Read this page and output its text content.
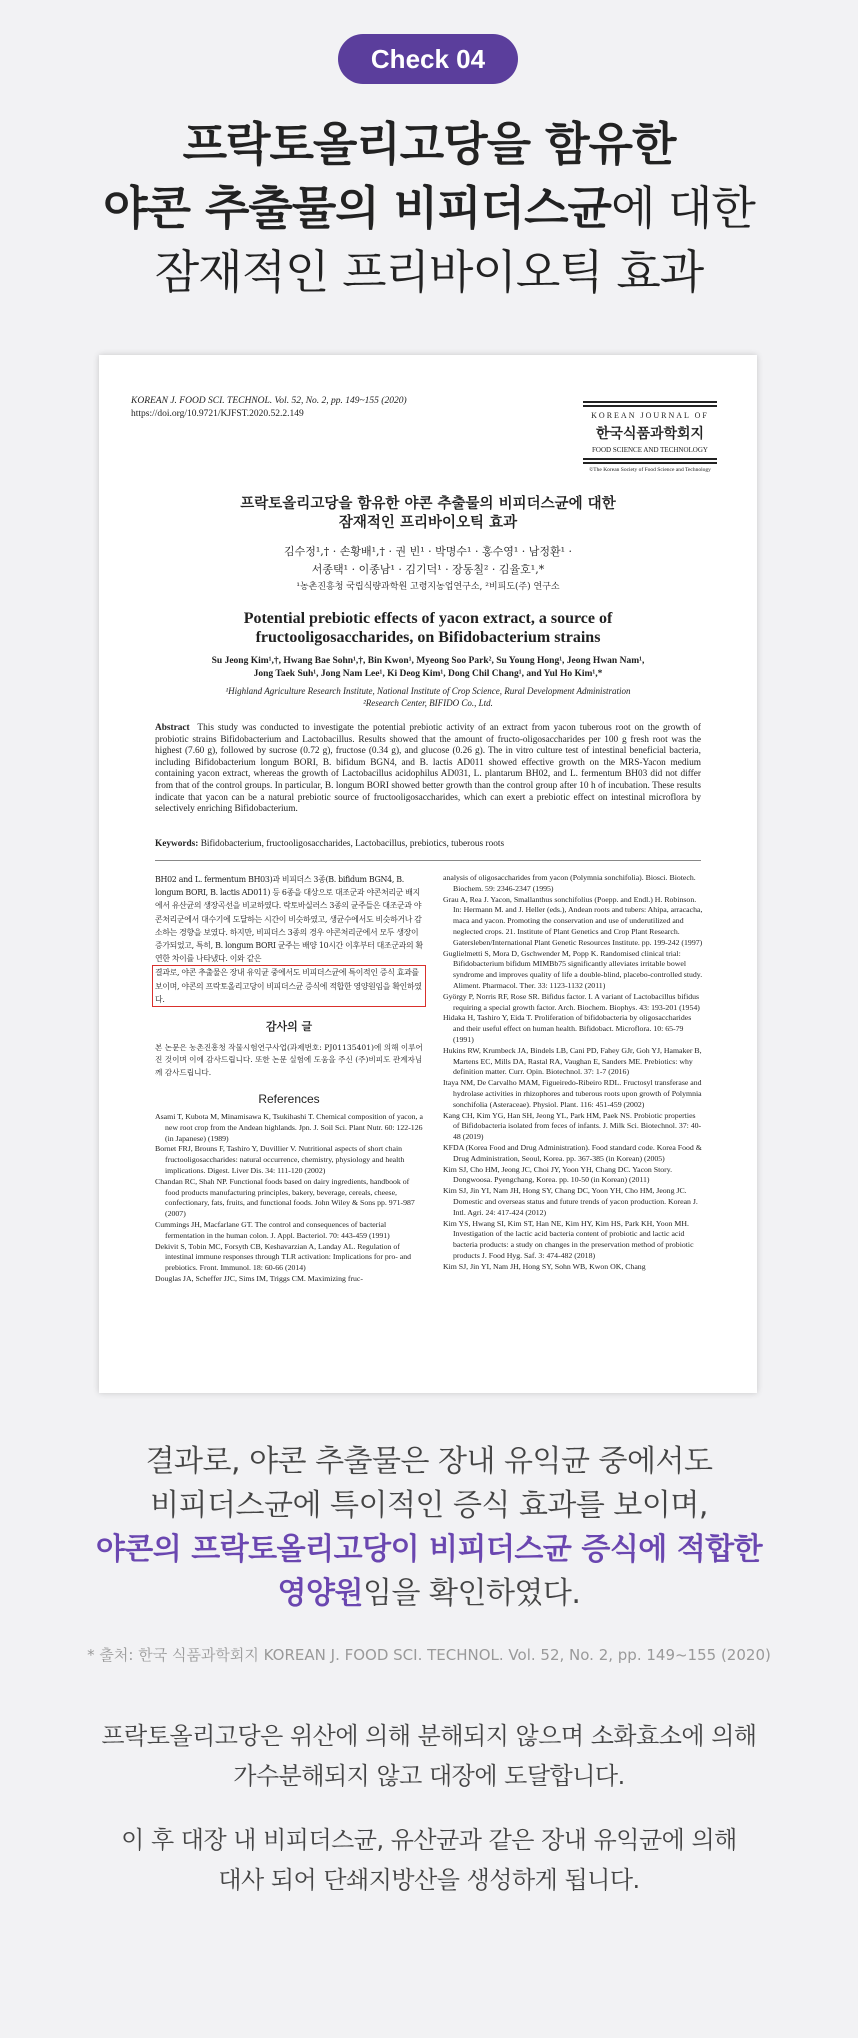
Check 04
프락토올리고당을 함유한
야콘 추출물의 비피더스균에 대한
잠재적인 프리바이오틱 효과
KOREAN J. FOOD SCI. TECHNOL. Vol. 52, No. 2, pp. 149~155 (2020)
https://doi.org/10.9721/KJFST.2020.52.2.149	KOREAN JOURNAL OF
한국식품과학회지
FOOD SCIENCE AND TECHNOLOGY
©The Korean Society of Food Science and Technology
프락토올리고당을 함유한 야콘 추출물의 비피더스균에 대한
잠재적인 프리바이오틱 효과
김수정¹,† · 손황배¹,† · 권 빈¹ · 박명수¹ · 홍수영¹ · 남정환¹ ·
서종택¹ · 이종남¹ · 김기덕¹ · 장동칠² · 김율호¹,*
¹농촌진흥청 국립식량과학원 고령지농업연구소, ²비피도(주) 연구소
Potential prebiotic effects of yacon extract, a source of
fructooligosaccharides, on Bifidobacterium strains
Su Jeong Kim¹,†, Hwang Bae Sohn¹,†, Bin Kwon¹, Myeong Soo Park², Su Young Hong¹, Jeong Hwan Nam¹,
Jong Taek Suh¹, Jong Nam Lee¹, Ki Deog Kim¹, Dong Chil Chang¹, and Yul Ho Kim¹,*
¹Highland Agriculture Research Institute, National Institute of Crop Science, Rural Development Administration
²Research Center, BIFIDO Co., Ltd.
Abstract This study was conducted to investigate the potential prebiotic activity of an extract from yacon tuberous root on the growth of probiotic strains Bifidobacterium and Lactobacillus. Results showed that the amount of fructo-oligosaccharides per 100 g fresh root was the highest (7.60 g), followed by sucrose (0.72 g), fructose (0.34 g), and glucose (0.26 g). The in vitro culture test of intestinal beneficial bacteria, including Bifidobacterium longum BORI, B. bifidum BGN4, and B. lactis AD011 showed effective growth on the MRS-Yacon medium containing yacon extract, whereas the growth of Lactobacillus acidophilus AD031, L. plantarum BH02, and L. fermentum BH03 did not differ from that of the control groups. In particular, B. longum BORI showed better growth than the control group after 10 h of incubation. These results indicate that yacon can be a natural prebiotic source of fructooligosaccharides, which can exert a prebiotic effect on intestinal microflora by selectively enriching Bifidobacterium.
Keywords: Bifidobacterium, fructooligosaccharides, Lactobacillus, prebiotics, tuberous roots
BH02 and L. fermentum BH03)과 비피더스 3종(B. bifidum BGN4, B. longum BORI, B. lactis AD011) 등 6종을 대상으로 대조군과 야콘처리군 배지에서 유산균의 생장곡선을 비교하였다. 락토바실러스 3종의 균주들은 대조군과 야콘처리군에서 대수기에 도달하는 시간이 비슷하였고, 생균수에서도 비슷하거나 감소하는 경향을 보였다. 하지만, 비피더스 3종의 경우 야콘처리군에서 모두 생장이 증가되었고, 특히, B. longum BORI 균주는 배양 10시간 이후부터 대조군과의 확연한 차이를 나타냈다. 이와 같은
결과로, 야콘 추출물은 장내 유익균 중에서도 비피더스균에 특이적인 증식 효과를 보이며, 야콘의 프락토올리고당이 비피더스균 증식에 적합한 영양원임을 확인하였다.
감사의 글
본 논문은 농촌진흥청 작물시험연구사업(과제번호: PJ01135401)에 의해 이루어진 것이며 이에 감사드립니다. 또한 논문 실험에 도움을 주신 (주)비피도 관계자님께 감사드립니다.
References

Asami T, Kubota M, Minamisawa K, Tsukihashi T. Chemical composition of yacon, a new root crop from the Andean highlands. Jpn. J. Soil Sci. Plant Nutr. 60: 122-126 (in Japanese) (1989)

Bornet FRJ, Brouns F, Tashiro Y, Duvillier V. Nutritional aspects of short chain fructooligosaccharides: natural occurrence, chemistry, physiology and health implications. Digest. Liver Dis. 34: 111-120 (2002)

Chandan RC, Shah NP. Functional foods based on dairy ingredients, handbook of food products manufacturing principles, bakery, beverage, cereals, cheese, confectionary, fats, fruits, and functional foods. John Wiley & Sons pp. 971-987 (2007)

Cummings JH, Macfarlane GT. The control and consequences of bacterial fermentation in the human colon. J. Appl. Bacteriol. 70: 443-459 (1991)

Dekivit S, Tobin MC, Forsyth CB, Keshavarzian A, Landay AL. Regulation of intestinal immune responses through TLR activation: Implications for pro- and prebiotics. Front. Immunol. 18: 60-66 (2014)

Douglas JA, Scheffer JJC, Sims IM, Triggs CM. Maximizing fruc-

analysis of oligosaccharides from yacon (Polymnia sonchifolia). Biosci. Biotech. Biochem. 59: 2346-2347 (1995)

Grau A, Rea J. Yacon, Smallanthus sonchifolius (Poepp. and Endl.) H. Robinson. In: Hermann M. and J. Heller (eds.), Andean roots and tubers: Ahipa, arracacha, maca and yacon. Promoting the conservation and use of underutilized and neglected crops. 21. Institute of Plant Genetics and Crop Plant Research. Gatersleben/International Plant Genetic Resources Institute. pp. 199-242 (1997)

Guglielmetti S, Mora D, Gschwender M, Popp K. Randomised clinical trial: Bifidobacterium bifidum MIMBb75 significantly alleviates irritable bowel syndrome and improves quality of life a double-blind, placebo-controlled study. Aliment. Pharmacol. Ther. 33: 1123-1132 (2011)

György P, Norris RF, Rose SR. Bifidus factor. I. A variant of Lactobacillus bifidus requiring a special growth factor. Arch. Biochem. Biophys. 43: 193-201 (1954)

Hidaka H, Tashiro Y, Eida T. Proliferation of bifidobacteria by oligosaccharides and their useful effect on human health. Bifidobact. Microflora. 10: 65-79 (1991)

Hukins RW, Krumbeck JA, Bindels LB, Cani PD, Fahey GJr, Goh YJ, Hamaker B, Martens EC, Mills DA, Rastal RA, Vaughan E, Sanders ME. Prebiotics: why definition matter. Curr. Opin. Biotechnol. 37: 1-7 (2016)

Itaya NM, De Carvalho MAM, Figueiredo-Ribeiro RDL. Fructosyl transferase and hydrolase activities in rhizophores and tuberous roots upon growth of Polymnia sonchifolia (Asteraceae). Physiol. Plant. 116: 451-459 (2002)

Kang CH, Kim YG, Han SH, Jeong YL, Park HM, Paek NS. Probiotic properties of Bifidobacteria isolated from feces of infants. J. Milk Sci. Biotechnol. 37: 40-48 (2019)

KFDA (Korea Food and Drug Administration). Food standard code. Korea Food & Drug Administration, Seoul, Korea. pp. 367-385 (in Korean) (2005)

Kim SJ, Cho HM, Jeong JC, Choi JY, Yoon YH, Chang DC. Yacon Story. Dongwoosa. Pyengchang, Korea. pp. 10-50 (in Korean) (2011)

Kim SJ, Jin YI, Nam JH, Hong SY, Chang DC, Yoon YH, Cho HM, Jeong JC. Domestic and overseas status and future trends of yacon production. Korean J. Intl. Agri. 24: 417-424 (2012)

Kim YS, Hwang SI, Kim ST, Han NE, Kim HY, Kim HS, Park KH, Yoon MH. Investigation of the lactic acid bacteria content of probiotic and lactic acid bacteria products: a study on changes in the preservation method of probiotic products J. Food Hyg. Saf. 3: 474-482 (2018)

Kim SJ, Jin YI, Nam JH, Hong SY, Sohn WB, Kwon OK, Chang

결과로, 야콘 추출물은 장내 유익균 중에서도
비피더스균에 특이적인 증식 효과를 보이며,
야콘의 프락토올리고당이 비피더스균 증식에 적합한
영양원임을 확인하였다.
* 출처: 한국 식품과학회지 KOREAN J. FOOD SCI. TECHNOL. Vol. 52, No. 2, pp. 149~155 (2020)
프락토올리고당은 위산에 의해 분해되지 않으며 소화효소에 의해
가수분해되지 않고 대장에 도달합니다.
이 후 대장 내 비피더스균, 유산균과 같은 장내 유익균에 의해
대사 되어 단쇄지방산을 생성하게 됩니다.
